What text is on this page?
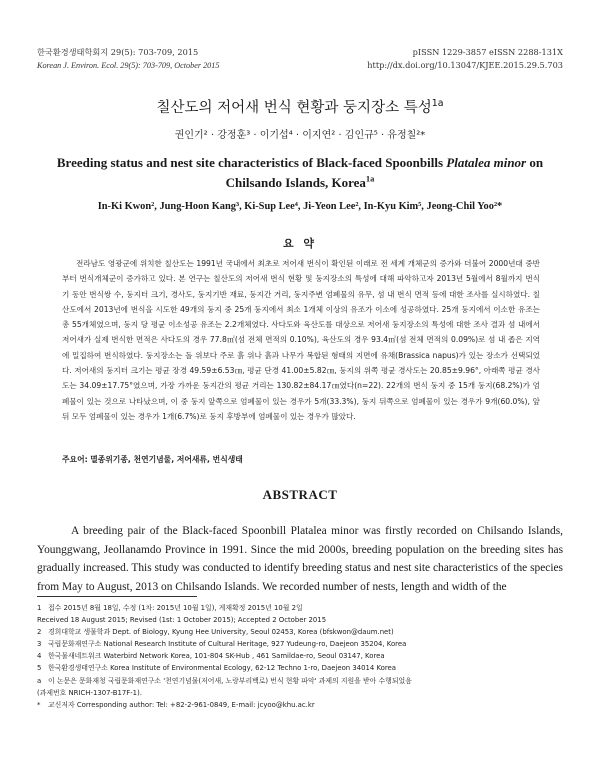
한국환경생태학회지 29(5): 703-709, 2015
Korean J. Environ. Ecol. 29(5): 703-709, October 2015
pISSN 1229-3857 eISSN 2288-131X
http://dx.doi.org/10.13047/KJEE.2015.29.5.703
칠산도의 저어새 번식 현황과 둥지장소 특성$^{1a}$
권인기² · 강정훈³ · 이기섭⁴ · 이지연² · 김인규⁵ · 유정칠²*
Breeding status and nest site characteristics of Black-faced Spoonbills Platalea minor on
Chilsando Islands, Korea$^{1a}$
In-Ki Kwon², Jung-Hoon Kang³, Ki-Sup Lee⁴, Ji-Yeon Lee², In-Kyu Kim⁵, Jeong-Chil Yoo²*
요 약

전라남도 영광군에 위치한 칠산도는 1991년 국내에서 최초로 저어새 번식이 확인된 이래로 전 세계 개체군의 증가와 더불어 2000년대 중반부터 번식개체군이 증가하고 있다. 본 연구는 칠산도의 저어새 번식 현황 및 둥지장소의 특성에 대해 파악하고자 2013년 5월에서 8월까지 번식기 동안 번식쌍 수, 둥지터 크기, 경사도, 둥지기반 재료, 둥지간 거리, 둥지주변 엄폐물의 유무, 섬 내 번식 면적 등에 대한 조사를 실시하였다. 칠산도에서 2013년에 번식을 시도한 49개의 둥지 중 25개 둥지에서 최소 1개체 이상의 유조가 이소에 성공하였다. 25개 둥지에서 이소한 유조는 총 55개체였으며, 둥지 당 평균 이소성공 유조는 2.2개체였다. 사다도와 육산도를 대상으로 저어새 둥지장소의 특성에 대한 조사 결과 섬 내에서 저어새가 실제 번식한 면적은 사다도의 경우 77.8㎡(섬 전체 면적의 0.10%), 육산도의 경우 93.4㎡(섬 전체 면적의 0.09%)로 섬 내 좁은 지역에 밀집하여 번식하였다. 둥지장소는 돌 위보다 주로 흙 위나 흙과 나무가 복합된 형태의 지면에 유채(Brassica napus)가 있는 장소가 선택되었다. 저어새의 둥지터 크기는 평균 장경 49.59±6.53㎝, 평균 단경 41.00±5.82㎝, 둥지의 위쪽 평균 경사도는 20.85±9.96°, 아래쪽 평균 경사도는 34.09±17.75°였으며, 가장 가까운 둥지간의 평균 거리는 130.82±84.17㎝였다(n=22). 22개의 번식 둥지 중 15개 둥지(68.2%)가 엄폐물이 있는 것으로 나타났으며, 이 중 둥지 앞쪽으로 엄폐물이 있는 경우가 5개(33.3%), 둥지 뒤쪽으로 엄폐물이 있는 경우가 9개(60.0%), 앞뒤 모두 엄폐물이 있는 경우가 1개(6.7%)로 둥지 후방부에 엄폐물이 있는 경우가 많았다.

주요어: 멸종위기종, 천연기념물, 저어새류, 번식생태
ABSTRACT

A breeding pair of the Black-faced Spoonbill Platalea minor was firstly recorded on Chilsando Islands, Younggwang, Jeollanamdo Province in 1991. Since the mid 2000s, breeding population on the breeding sites has gradually increased. This study was conducted to identify breeding status and nest site characteristics of the species from May to August, 2013 on Chilsando Islands. We recorded number of nests, length and width of the

1 접수 2015년 8월 18일, 수정 (1차: 2015년 10월 1일), 게재확정 2015년 10월 2일
Received 18 August 2015; Revised (1st: 1 October 2015); Accepted 2 October 2015
2 경희대학교 생물학과 Dept. of Biology, Kyung Hee University, Seoul 02453, Korea (bfskwon@daum.net)
3 국립문화재연구소 National Research Institute of Cultural Heritage, 927 Yudeung-ro, Daejeon 35204, Korea
4 한국물새네트워크 Waterbird Network Korea, 101-804 SK-Hub , 461 Samildae-ro, Seoul 03147, Korea
5 한국환경생태연구소 Korea Institute of Environmental Ecology, 62-12 Techno 1-ro, Daejeon 34014 Korea
a 이 논문은 문화재청 국립문화재연구소 '천연기념물(저어새, 노랑부리백로) 번식 현황 파악' 과제의 지원을 받아 수행되었음
(과제번호 NRICH-1307-B17F-1).
*	교신저자 Corresponding author: Tel: +82-2-961-0849, E-mail: jcyoo@khu.ac.kr
